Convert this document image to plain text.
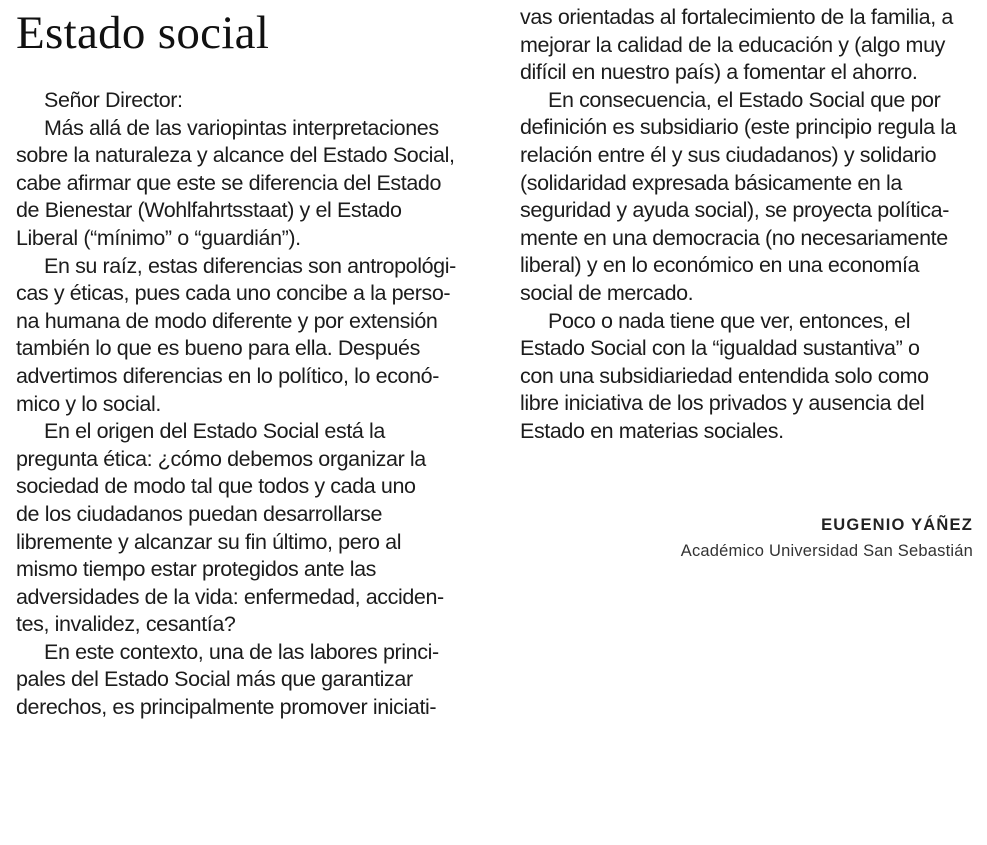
Estado social
Señor Director:
Más allá de las variopintas interpretaciones
sobre la naturaleza y alcance del Estado Social,
cabe afirmar que este se diferencia del Estado
de Bienestar (Wohlfahrtsstaat) y el Estado
Liberal (“mínimo” o “guardián”).
En su raíz, estas diferencias son antropológi-
cas y éticas, pues cada uno concibe a la perso-
na humana de modo diferente y por extensión
también lo que es bueno para ella. Después
advertimos diferencias en lo político, lo econó-
mico y lo social.
En el origen del Estado Social está la
pregunta ética: ¿cómo debemos organizar la
sociedad de modo tal que todos y cada uno
de los ciudadanos puedan desarrollarse
libremente y alcanzar su fin último, pero al
mismo tiempo estar protegidos ante las
adversidades de la vida: enfermedad, acciden-
tes, invalidez, cesantía?
En este contexto, una de las labores princi-
pales del Estado Social más que garantizar
derechos, es principalmente promover iniciati-
vas orientadas al fortalecimiento de la familia, a
mejorar la calidad de la educación y (algo muy
difícil en nuestro país) a fomentar el ahorro.
En consecuencia, el Estado Social que por
definición es subsidiario (este principio regula la
relación entre él y sus ciudadanos) y solidario
(solidaridad expresada básicamente en la
seguridad y ayuda social), se proyecta política-
mente en una democracia (no necesariamente
liberal) y en lo económico en una economía
social de mercado.
Poco o nada tiene que ver, entonces, el
Estado Social con la “igualdad sustantiva” o
con una subsidiariedad entendida solo como
libre iniciativa de los privados y ausencia del
Estado en materias sociales.
EUGENIO YÁÑEZ
Académico Universidad San Sebastián
